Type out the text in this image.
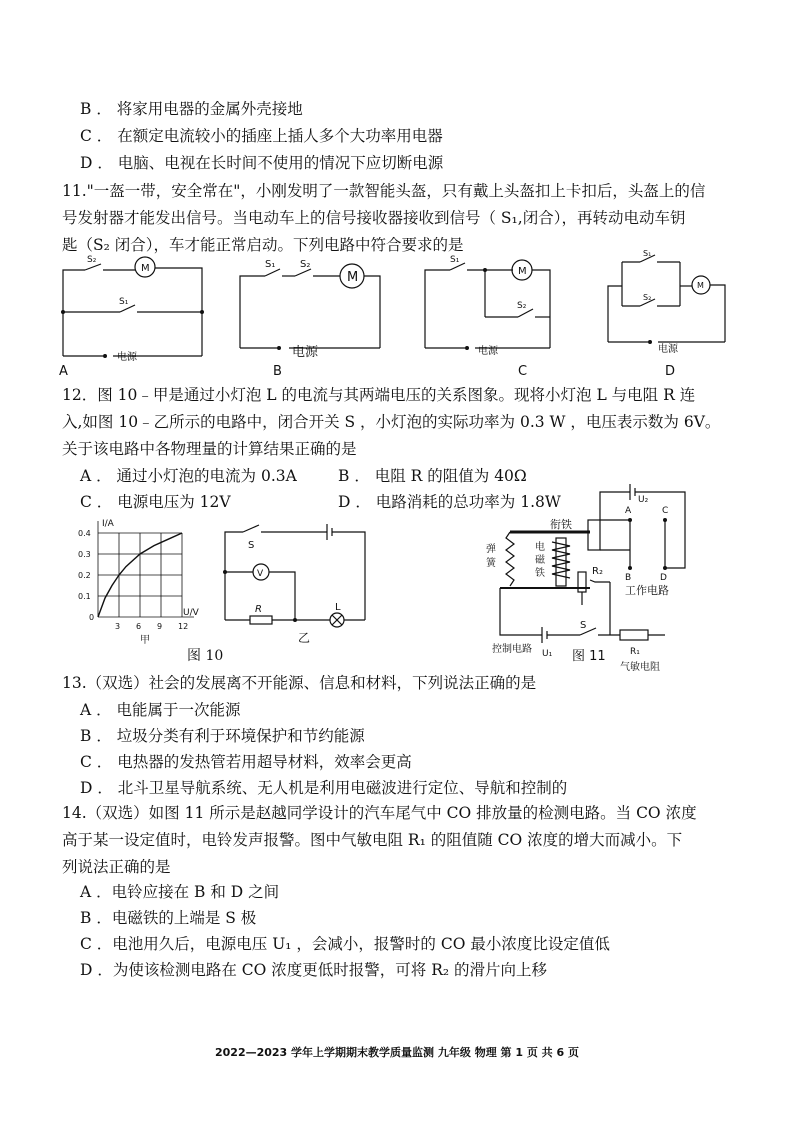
B ． 将家用电器的金属外壳接地
C ． 在额定电流较小的插座上插人多个大功率用电器
D ． 电脑、电视在长时间不使用的情况下应切断电源
11."一盔一带，安全常在"，小刚发明了一款智能头盔，只有戴上头盔扣上卡扣后，头盔上的信
号发射器才能发出信号。当电动车上的信号接收器接收到信号（ S₁,闭合），再转动电动车钥
匙（S₂ 闭合），车才能正常启动。下列电路中符合要求的是
S₂
M
S₁
电源
A
S₁ S₂
M
电源
B
S₁
M
S₂
电源
C
S₁
S₂
M
电源
D
12．图 10﹣甲是通过小灯泡 L 的电流与其两端电压的关系图象。现将小灯泡 L 与电阻 R 连
入,如图 10﹣乙所示的电路中，闭合开关 S ，小灯泡的实际功率为 0.3 W ，电压表示数为 6V。
关于该电路中各物理量的计算结果正确的是
A ． 通过小灯泡的电流为 0.3A	B ． 电阻 R 的阻值为 40Ω
C ． 电源电压为 12V	D ． 电路消耗的总功率为 1.8W
3 6 9 12
0.4
0.3
0.2
0.1
0
I/A
U/V
甲
S
V
R	L
乙
图 10
U₂
A	C
B	D
衔铁
弹
簧
电
磁
铁	R₂
工作电路
控制电路 U₁
S
图 11	R₁
气敏电阻
13.（双选）社会的发展离不开能源、信息和材料，下列说法正确的是
A ． 电能属于一次能源
B ． 垃圾分类有利于环境保护和节约能源
C ． 电热器的发热管若用超导材料，效率会更高
D ． 北斗卫星导航系统、无人机是利用电磁波进行定位、导航和控制的
14.（双选）如图 11 所示是赵越同学设计的汽车尾气中 CO 排放量的检测电路。当 CO 浓度
高于某一设定值时，电铃发声报警。图中气敏电阻 R₁ 的阻值随 CO 浓度的增大而减小。下
列说法正确的是
A ．电铃应接在 B 和 D 之间
B ．电磁铁的上端是 S 极
C ．电池用久后，电源电压 U₁ ，会减小，报警时的 CO 最小浓度比设定值低
D ．为使该检测电路在 CO 浓度更低时报警，可将 R₂ 的滑片向上移
2022—2023 学年上学期期末教学质量监测 九年级 物理 第 1 页 共 6 页
